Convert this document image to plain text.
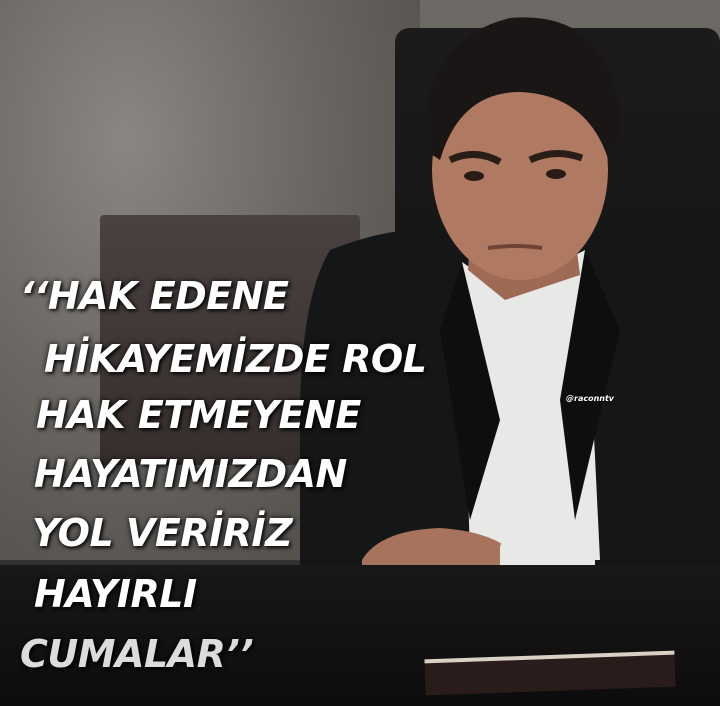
‘‘HAK EDENE

HİKAYEMİZDE ROL

HAK ETMEYENE

HAYATIMIZDAN

YOL VERİRİZ

HAYIRLI

CUMALAR’’

@raconntv
